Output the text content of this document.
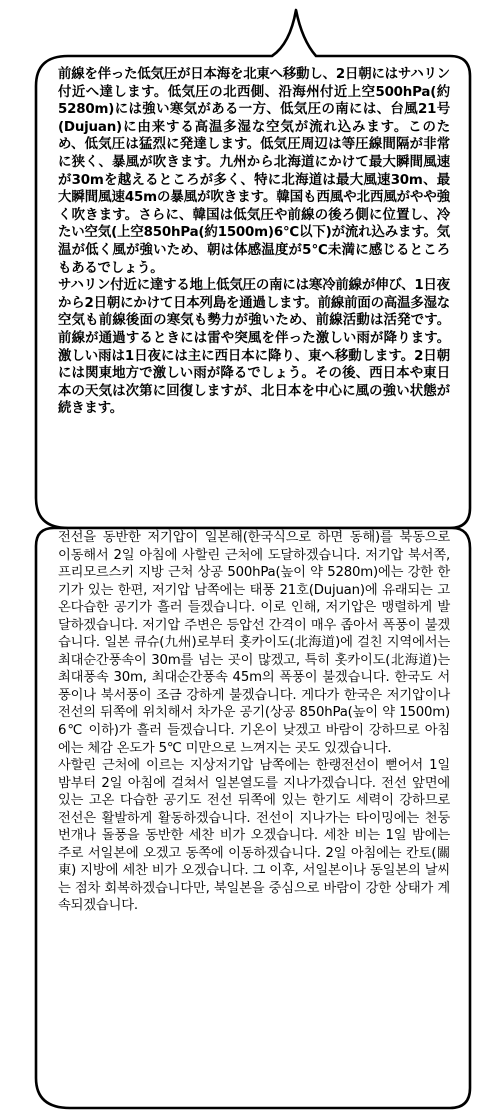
前線を伴った低気圧が日本海を北東へ移動し、2日朝にはサハリン付近へ達します。低気圧の北西側、沿海州付近上空500hPa(約5280m)には強い寒気がある一方、低気圧の南には、台風21号(Dujuan)に由来する高温多湿な空気が流れ込みます。このため、低気圧は猛烈に発達します。低気圧周辺は等圧線間隔が非常に狭く、暴風が吹きます。九州から北海道にかけて最大瞬間風速が30mを越えるところが多く、特に北海道は最大風速30m、最大瞬間風速45mの暴風が吹きます。韓国も西風や北西風がやや強く吹きます。さらに、韓国は低気圧や前線の後ろ側に位置し、冷たい空気(上空850hPa(約1500m)6℃以下)が流れ込みます。気温が低く風が強いため、朝は体感温度が5℃未満に感じるところもあるでしょう。

サハリン付近に達する地上低気圧の南には寒冷前線が伸び、1日夜から2日朝にかけて日本列島を通過します。前線前面の高温多湿な空気も前線後面の寒気も勢力が強いため、前線活動は活発です。前線が通過するときには雷や突風を伴った激しい雨が降ります。激しい雨は1日夜には主に西日本に降り、東へ移動します。2日朝には関東地方で激しい雨が降るでしょう。その後、西日本や東日本の天気は次第に回復しますが、北日本を中心に風の強い状態が続きます。

전선을 동반한 저기압이 일본해(한국식으로 하면 동해)를 북동으로 이동해서 2일 아침에 사할린 근처에 도달하겠습니다. 저기압 북서쪽, 프리모르스키 지방 근처 상공 500hPa(높이 약 5280m)에는 강한 한기가 있는 한편, 저기압 남쪽에는 태풍 21호(Dujuan)에 유래되는 고온다습한 공기가 흘러 들겠습니다. 이로 인해, 저기압은 맹렬하게 발달하겠습니다. 저기압 주변은 등압선 간격이 매우 좁아서 폭풍이 불겠습니다. 일본 큐슈(九州)로부터 홋카이도(北海道)에 걸친 지역에서는 최대순간풍속이 30m를 넘는 곳이 많겠고, 특히 홋카이도(北海道)는 최대풍속 30m, 최대순간풍속 45m의 폭풍이 불겠습니다. 한국도 서풍이나 북서풍이 조금 강하게 불겠습니다. 게다가 한국은 저기압이나 전선의 뒤쪽에 위치해서 차가운 공기(상공 850hPa(높이 약 1500m) 6℃ 이하)가 흘러 들겠습니다. 기온이 낮겠고 바람이 강하므로 아침에는 체감 온도가 5℃ 미만으로 느껴지는 곳도 있겠습니다.

사할린 근처에 이르는 지상저기압 남쪽에는 한랭전선이 뻗어서 1일 밤부터 2일 아침에 걸쳐서 일본열도를 지나가겠습니다. 전선 앞면에 있는 고온 다습한 공기도 전선 뒤쪽에 있는 한기도 세력이 강하므로 전선은 활발하게 활동하겠습니다. 전선이 지나가는 타이밍에는 천둥번개나 돌풍을 동반한 세찬 비가 오겠습니다. 세찬 비는 1일 밤에는 주로 서일본에 오겠고 동쪽에 이동하겠습니다. 2일 아침에는 칸토(關東) 지방에 세찬 비가 오겠습니다. 그 이후, 서일본이나 동일본의 날씨는 점차 회복하겠습니다만, 북일본을 중심으로 바람이 강한 상태가 계속되겠습니다.
